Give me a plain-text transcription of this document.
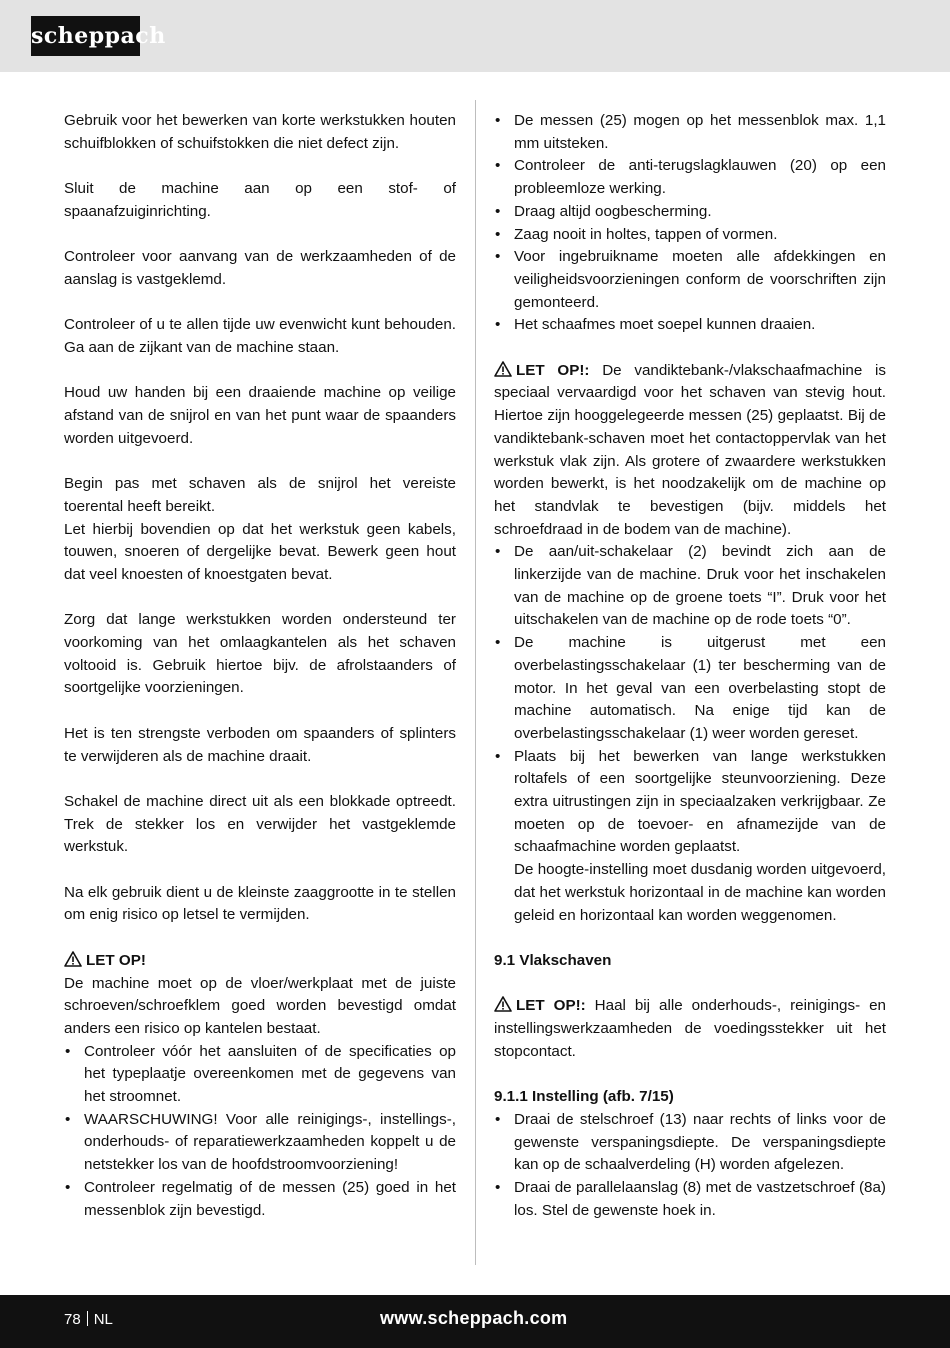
scheppach

Gebruik voor het bewerken van korte werkstukken houten schuifblokken of schuifstokken die niet defect zijn.

Sluit de machine aan op een stof- of spaanafzuiginrichting.

Controleer voor aanvang van de werkzaamheden of de aanslag is vastgeklemd.

Controleer of u te allen tijde uw evenwicht kunt behouden. Ga aan de zijkant van de machine staan.

Houd uw handen bij een draaiende machine op veilige afstand van de snijrol en van het punt waar de spaanders worden uitgevoerd.

Begin pas met schaven als de snijrol het vereiste toerental heeft bereikt.

Let hierbij bovendien op dat het werkstuk geen kabels, touwen, snoeren of dergelijke bevat. Bewerk geen hout dat veel knoesten of knoestgaten bevat.

Zorg dat lange werkstukken worden ondersteund ter voorkoming van het omlaagkantelen als het schaven voltooid is. Gebruik hiertoe bijv. de afrolstaanders of soortgelijke voorzieningen.

Het is ten strengste verboden om spaanders of splinters te verwijderen als de machine draait.

Schakel de machine direct uit als een blokkade optreedt. Trek de stekker los en verwijder het vastgeklemde werkstuk.

Na elk gebruik dient u de kleinste zaaggrootte in te stellen om enig risico op letsel te vermijden.

LET OP!

De machine moet op de vloer/werkplaat met de juiste schroeven/schroefklem goed worden bevestigd omdat anders een risico op kantelen bestaat.

• Controleer vóór het aansluiten of de specificaties op het typeplaatje overeenkomen met de gegevens van het stroomnet.
• WAARSCHUWING! Voor alle reinigings-, instellings-, onderhouds- of reparatiewerkzaamheden koppelt u de netstekker los van de hoofdstroomvoorziening!
• Controleer regelmatig of de messen (25) goed in het messenblok zijn bevestigd.
• De messen (25) mogen op het messenblok max. 1,1 mm uitsteken.
• Controleer de anti-terugslagklauwen (20) op een probleemloze werking.
• Draag altijd oogbescherming.
• Zaag nooit in holtes, tappen of vormen.
• Voor ingebruikname moeten alle afdekkingen en veiligheidsvoorzieningen conform de voorschriften zijn gemonteerd.
• Het schaafmes moet soepel kunnen draaien.

LET OP!: De vandiktebank-/vlakschaafmachine is speciaal vervaardigd voor het schaven van stevig hout. Hiertoe zijn hooggelegeerde messen (25) geplaatst. Bij de vandiktebank-schaven moet het contactoppervlak van het werkstuk vlak zijn. Als grotere of zwaardere werkstukken worden bewerkt, is het noodzakelijk om de machine op het standvlak te bevestigen (bijv. middels het schroefdraad in de bodem van de machine).

• De aan/uit-schakelaar (2) bevindt zich aan de linkerzijde van de machine. Druk voor het inschakelen van de machine op de groene toets “I”. Druk voor het uitschakelen van de machine op de rode toets “0”.
• De machine is uitgerust met een overbelastingsschakelaar (1) ter bescherming van de motor. In het geval van een overbelasting stopt de machine automatisch. Na enige tijd kan de overbelastingsschakelaar (1) weer worden gereset.
• Plaats bij het bewerken van lange werkstukken roltafels of een soortgelijke steunvoorziening. Deze extra uitrustingen zijn in speciaalzaken verkrijgbaar. Ze moeten op de toevoer- en afnamezijde van de schaafmachine worden geplaatst.
De hoogte-instelling moet dusdanig worden uitgevoerd, dat het werkstuk horizontaal in de machine kan worden geleid en horizontaal kan worden weggenomen.

9.1 Vlakschaven

LET OP!: Haal bij alle onderhouds-, reinigings- en instellingswerkzaamheden de voedingsstekker uit het stopcontact.

9.1.1 Instelling (afb. 7/15)

• Draai de stelschroef (13) naar rechts of links voor de gewenste verspaningsdiepte. De verspaningsdiepte kan op de schaalverdeling (H) worden afgelezen.
• Draai de parallelaanslag (8) met de vastzetschroef (8a) los. Stel de gewenste hoek in.
78 NL	www.scheppach.com
